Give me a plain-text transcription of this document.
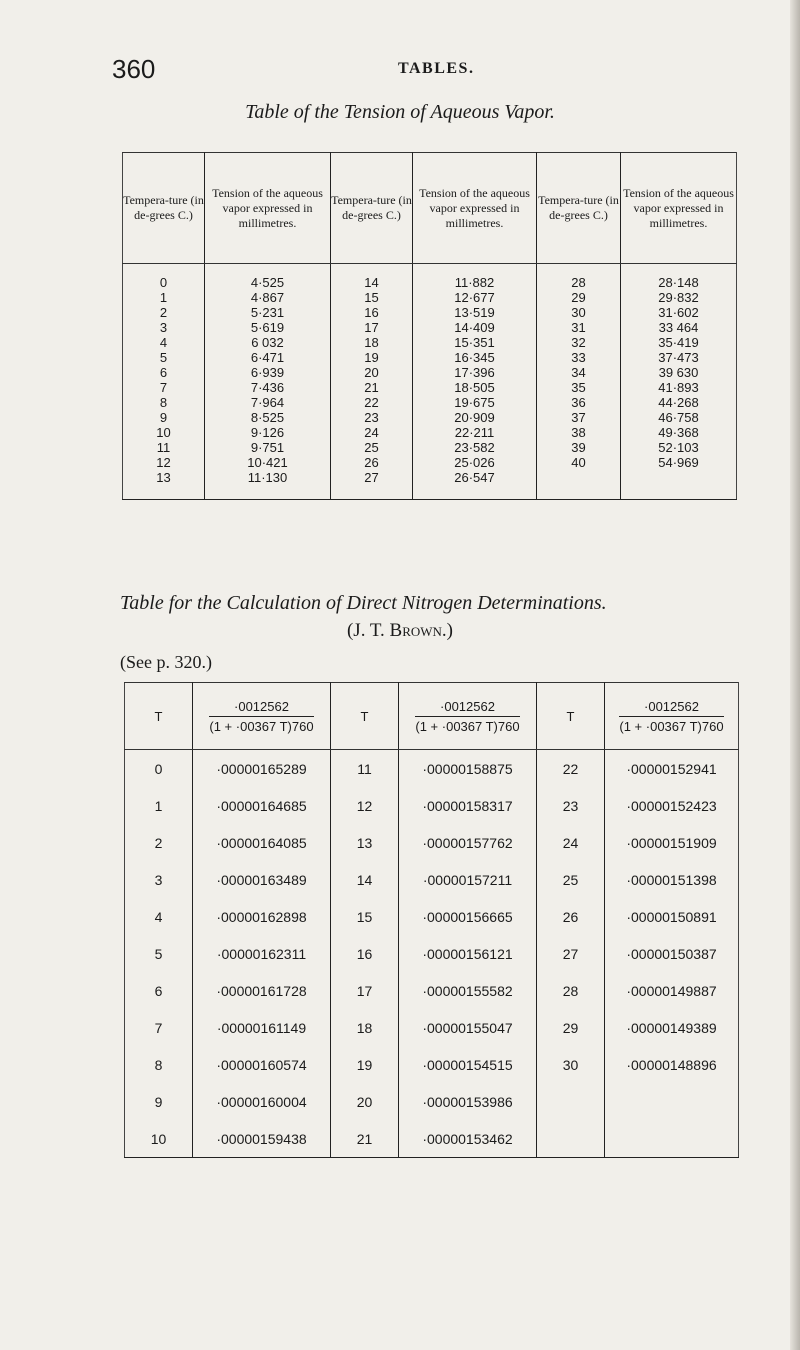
360	TABLES.
Table of the Tension of Aqueous Vapor.
Tempera-ture (in de-grees C.)	Tension of the aqueous vapor expressed in millimetres.	Tempera-ture (in de-grees C.)	Tension of the aqueous vapor expressed in millimetres.	Tempera-ture (in de-grees C.)	Tension of the aqueous vapor expressed in millimetres.
0	4·525	14	11·882	28	28·148
1	4·867	15	12·677	29	29·832
2	5·231	16	13·519	30	31·602
3	5·619	17	14·409	31	33 464
4	6 032	18	15·351	32	35·419
5	6·471	19	16·345	33	37·473
6	6·939	20	17·396	34	39 630
7	7·436	21	18·505	35	41·893
8	7·964	22	19·675	36	44·268
9	8·525	23	20·909	37	46·758
10	9·126	24	22·211	38	49·368
11	9·751	25	23·582	39	52·103
12	10·421	26	25·026	40	54·969
13	11·130	27	26·547		
Table for the Calculation of Direct Nitrogen Determinations.
(J. T. Brown.)
(See p. 320.)
T	$\frac{\cdot 0012562}{(1 + \cdot 00367 T)760}$	T	$\frac{\cdot 0012562}{(1 + \cdot 00367 T)760}$	T	$\frac{\cdot 0012562}{(1 + \cdot 00367 T)760}$

0	·00000165289	11	·00000158875	22	·00000152941
1	·00000164685	12	·00000158317	23	·00000152423
2	·00000164085	13	·00000157762	24	·00000151909
3	·00000163489	14	·00000157211	25	·00000151398
4	·00000162898	15	·00000156665	26	·00000150891
5	·00000162311	16	·00000156121	27	·00000150387
6	·00000161728	17	·00000155582	28	·00000149887
7	·00000161149	18	·00000155047	29	·00000149389
8	·00000160574	19	·00000154515	30	·00000148896
9	·00000160004	20	·00000153986		
10	·00000159438	21	·00000153462		
